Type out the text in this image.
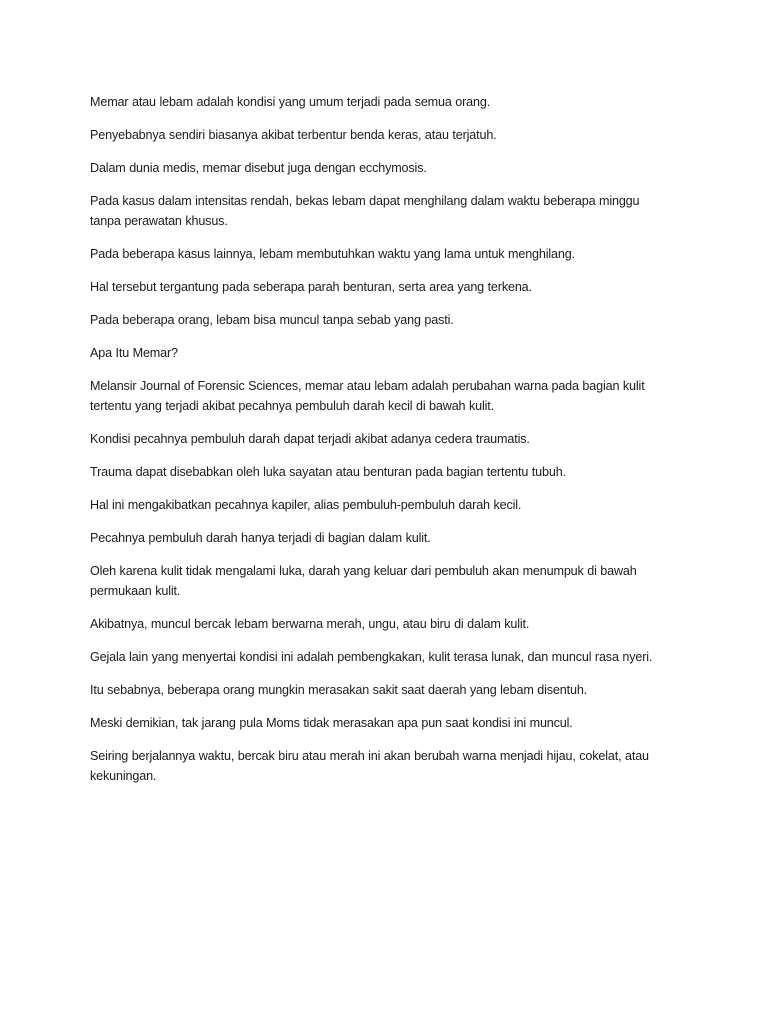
Memar atau lebam adalah kondisi yang umum terjadi pada semua orang.

Penyebabnya sendiri biasanya akibat terbentur benda keras, atau terjatuh.

Dalam dunia medis, memar disebut juga dengan ecchymosis.

Pada kasus dalam intensitas rendah, bekas lebam dapat menghilang dalam waktu beberapa minggu tanpa perawatan khusus.

Pada beberapa kasus lainnya, lebam membutuhkan waktu yang lama untuk menghilang.

Hal tersebut tergantung pada seberapa parah benturan, serta area yang terkena.

Pada beberapa orang, lebam bisa muncul tanpa sebab yang pasti.

Apa Itu Memar?

Melansir Journal of Forensic Sciences, memar atau lebam adalah perubahan warna pada bagian kulit tertentu yang terjadi akibat pecahnya pembuluh darah kecil di bawah kulit.

Kondisi pecahnya pembuluh darah dapat terjadi akibat adanya cedera traumatis.

Trauma dapat disebabkan oleh luka sayatan atau benturan pada bagian tertentu tubuh.

Hal ini mengakibatkan pecahnya kapiler, alias pembuluh-pembuluh darah kecil.

Pecahnya pembuluh darah hanya terjadi di bagian dalam kulit.

Oleh karena kulit tidak mengalami luka, darah yang keluar dari pembuluh akan menumpuk di bawah permukaan kulit.

Akibatnya, muncul bercak lebam berwarna merah, ungu, atau biru di dalam kulit.

Gejala lain yang menyertai kondisi ini adalah pembengkakan, kulit terasa lunak, dan muncul rasa nyeri.

Itu sebabnya, beberapa orang mungkin merasakan sakit saat daerah yang lebam disentuh.

Meski demikian, tak jarang pula Moms tidak merasakan apa pun saat kondisi ini muncul.

Seiring berjalannya waktu, bercak biru atau merah ini akan berubah warna menjadi hijau, cokelat, atau kekuningan.
